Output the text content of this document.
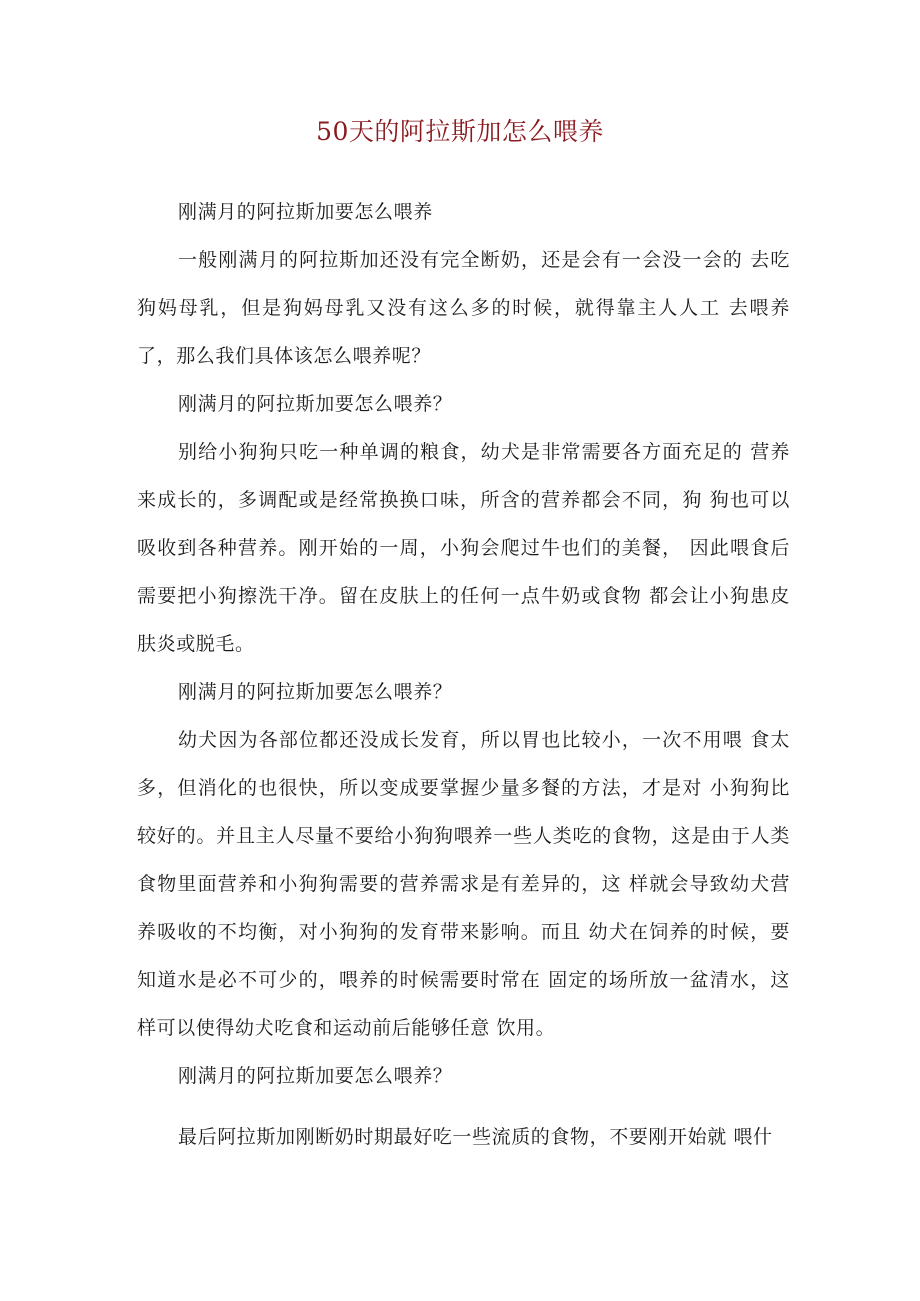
50天的阿拉斯加怎么喂养

刚满月的阿拉斯加要怎么喂养

一般刚满月的阿拉斯加还没有完全断奶，还是会有一会没一会的 去吃狗妈母乳，但是狗妈母乳又没有这么多的时候，就得靠主人人工 去喂养了，那么我们具体该怎么喂养呢？

刚满月的阿拉斯加要怎么喂养？

别给小狗狗只吃一种单调的粮食，幼犬是非常需要各方面充足的 营养来成长的，多调配或是经常换换口味，所含的营养都会不同，狗 狗也可以吸收到各种营养。刚开始的一周，小狗会爬过牛也们的美餐， 因此喂食后需要把小狗擦洗干净。留在皮肤上的任何一点牛奶或食物 都会让小狗患皮肤炎或脱毛。

刚满月的阿拉斯加要怎么喂养？

幼犬因为各部位都还没成长发育，所以胃也比较小，一次不用喂 食太多，但消化的也很快，所以变成要掌握少量多餐的方法，才是对 小狗狗比较好的。并且主人尽量不要给小狗狗喂养一些人类吃的食物，这是由于人类食物里面营养和小狗狗需要的营养需求是有差异的，这 样就会导致幼犬营养吸收的不均衡，对小狗狗的发育带来影响。而且 幼犬在饲养的时候，要知道水是必不可少的，喂养的时候需要时常在 固定的场所放一盆清水，这样可以使得幼犬吃食和运动前后能够任意 饮用。

刚满月的阿拉斯加要怎么喂养？

最后阿拉斯加刚断奶时期最好吃一些流质的食物，不要刚开始就 喂什
